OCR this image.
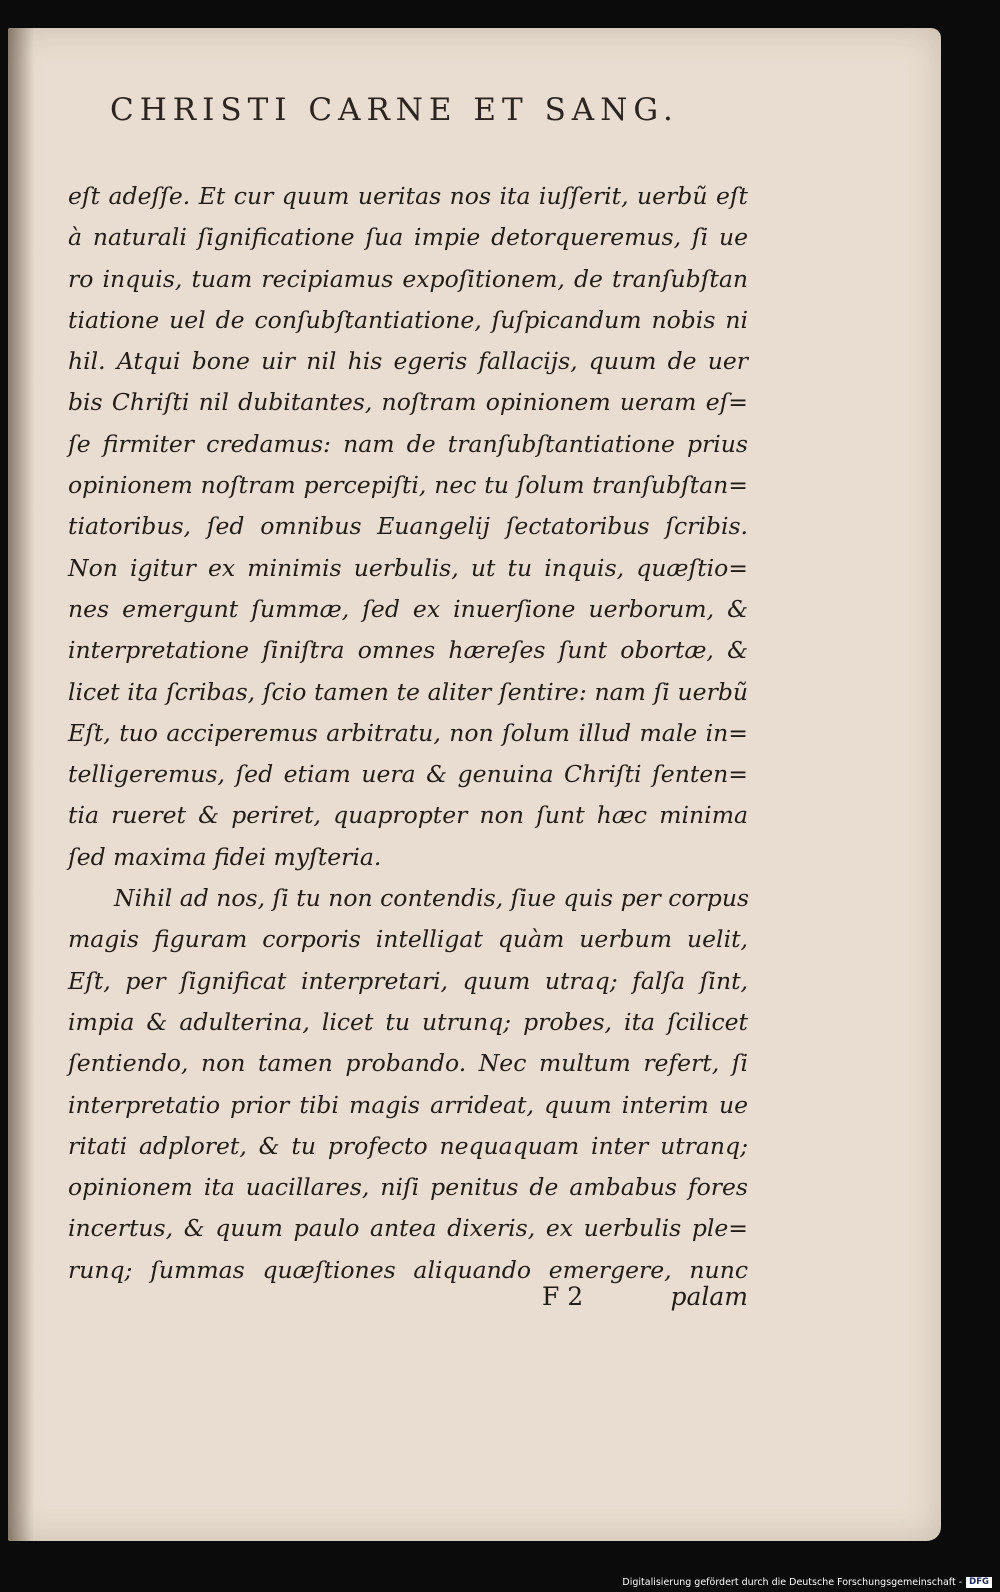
CHRISTI CARNE ET SANG.
eſt adeſſe. Et cur quum ueritas nos ita iuſſerit, uerbũ eſt
à naturali ſignificatione ſua impie detorqueremus, ſi ue
ro inquis, tuam recipiamus expoſitionem, de tranſubſtan
tiatione uel de conſubſtantiatione, ſuſpicandum nobis ni
hil. Atqui bone uir nil his egeris fallacijs, quum de uer
bis Chriſti nil dubitantes, noſtram opinionem ueram eſ=
ſe firmiter credamus: nam de tranſubſtantiatione prius
opinionem noſtram percepiſti, nec tu ſolum tranſubſtan=
tiatoribus, ſed omnibus Euangelij ſectatoribus ſcribis.
Non igitur ex minimis uerbulis, ut tu inquis, quæſtio=
nes emergunt ſummæ, ſed ex inuerſione uerborum, &
interpretatione ſiniſtra omnes hæreſes ſunt obortæ, &
licet ita ſcribas, ſcio tamen te aliter ſentire: nam ſi uerbũ
Eſt, tuo acciperemus arbitratu, non ſolum illud male in=
telligeremus, ſed etiam uera & genuina Chriſti ſenten=
tia rueret & periret, quapropter non ſunt hæc minima
ſed maxima fidei myſteria.
Nihil ad nos, ſi tu non contendis, ſiue quis per corpus
magis figuram corporis intelligat quàm uerbum uelit,
Eſt, per ſignificat interpretari, quum utraq; falſa ſint,
impia & adulterina, licet tu utrunq; probes, ita ſcilicet
ſentiendo, non tamen probando. Nec multum refert, ſi
interpretatio prior tibi magis arrideat, quum interim ue
ritati adploret, & tu profecto nequaquam inter utranq;
opinionem ita uacillares, niſi penitus de ambabus fores
incertus, & quum paulo antea dixeris, ex uerbulis ple=
runq; ſummas quæſtiones aliquando emergere, nunc
F 2	palam
Digitalisierung gefördert durch die Deutsche Forschungsgemeinschaft - DFG
